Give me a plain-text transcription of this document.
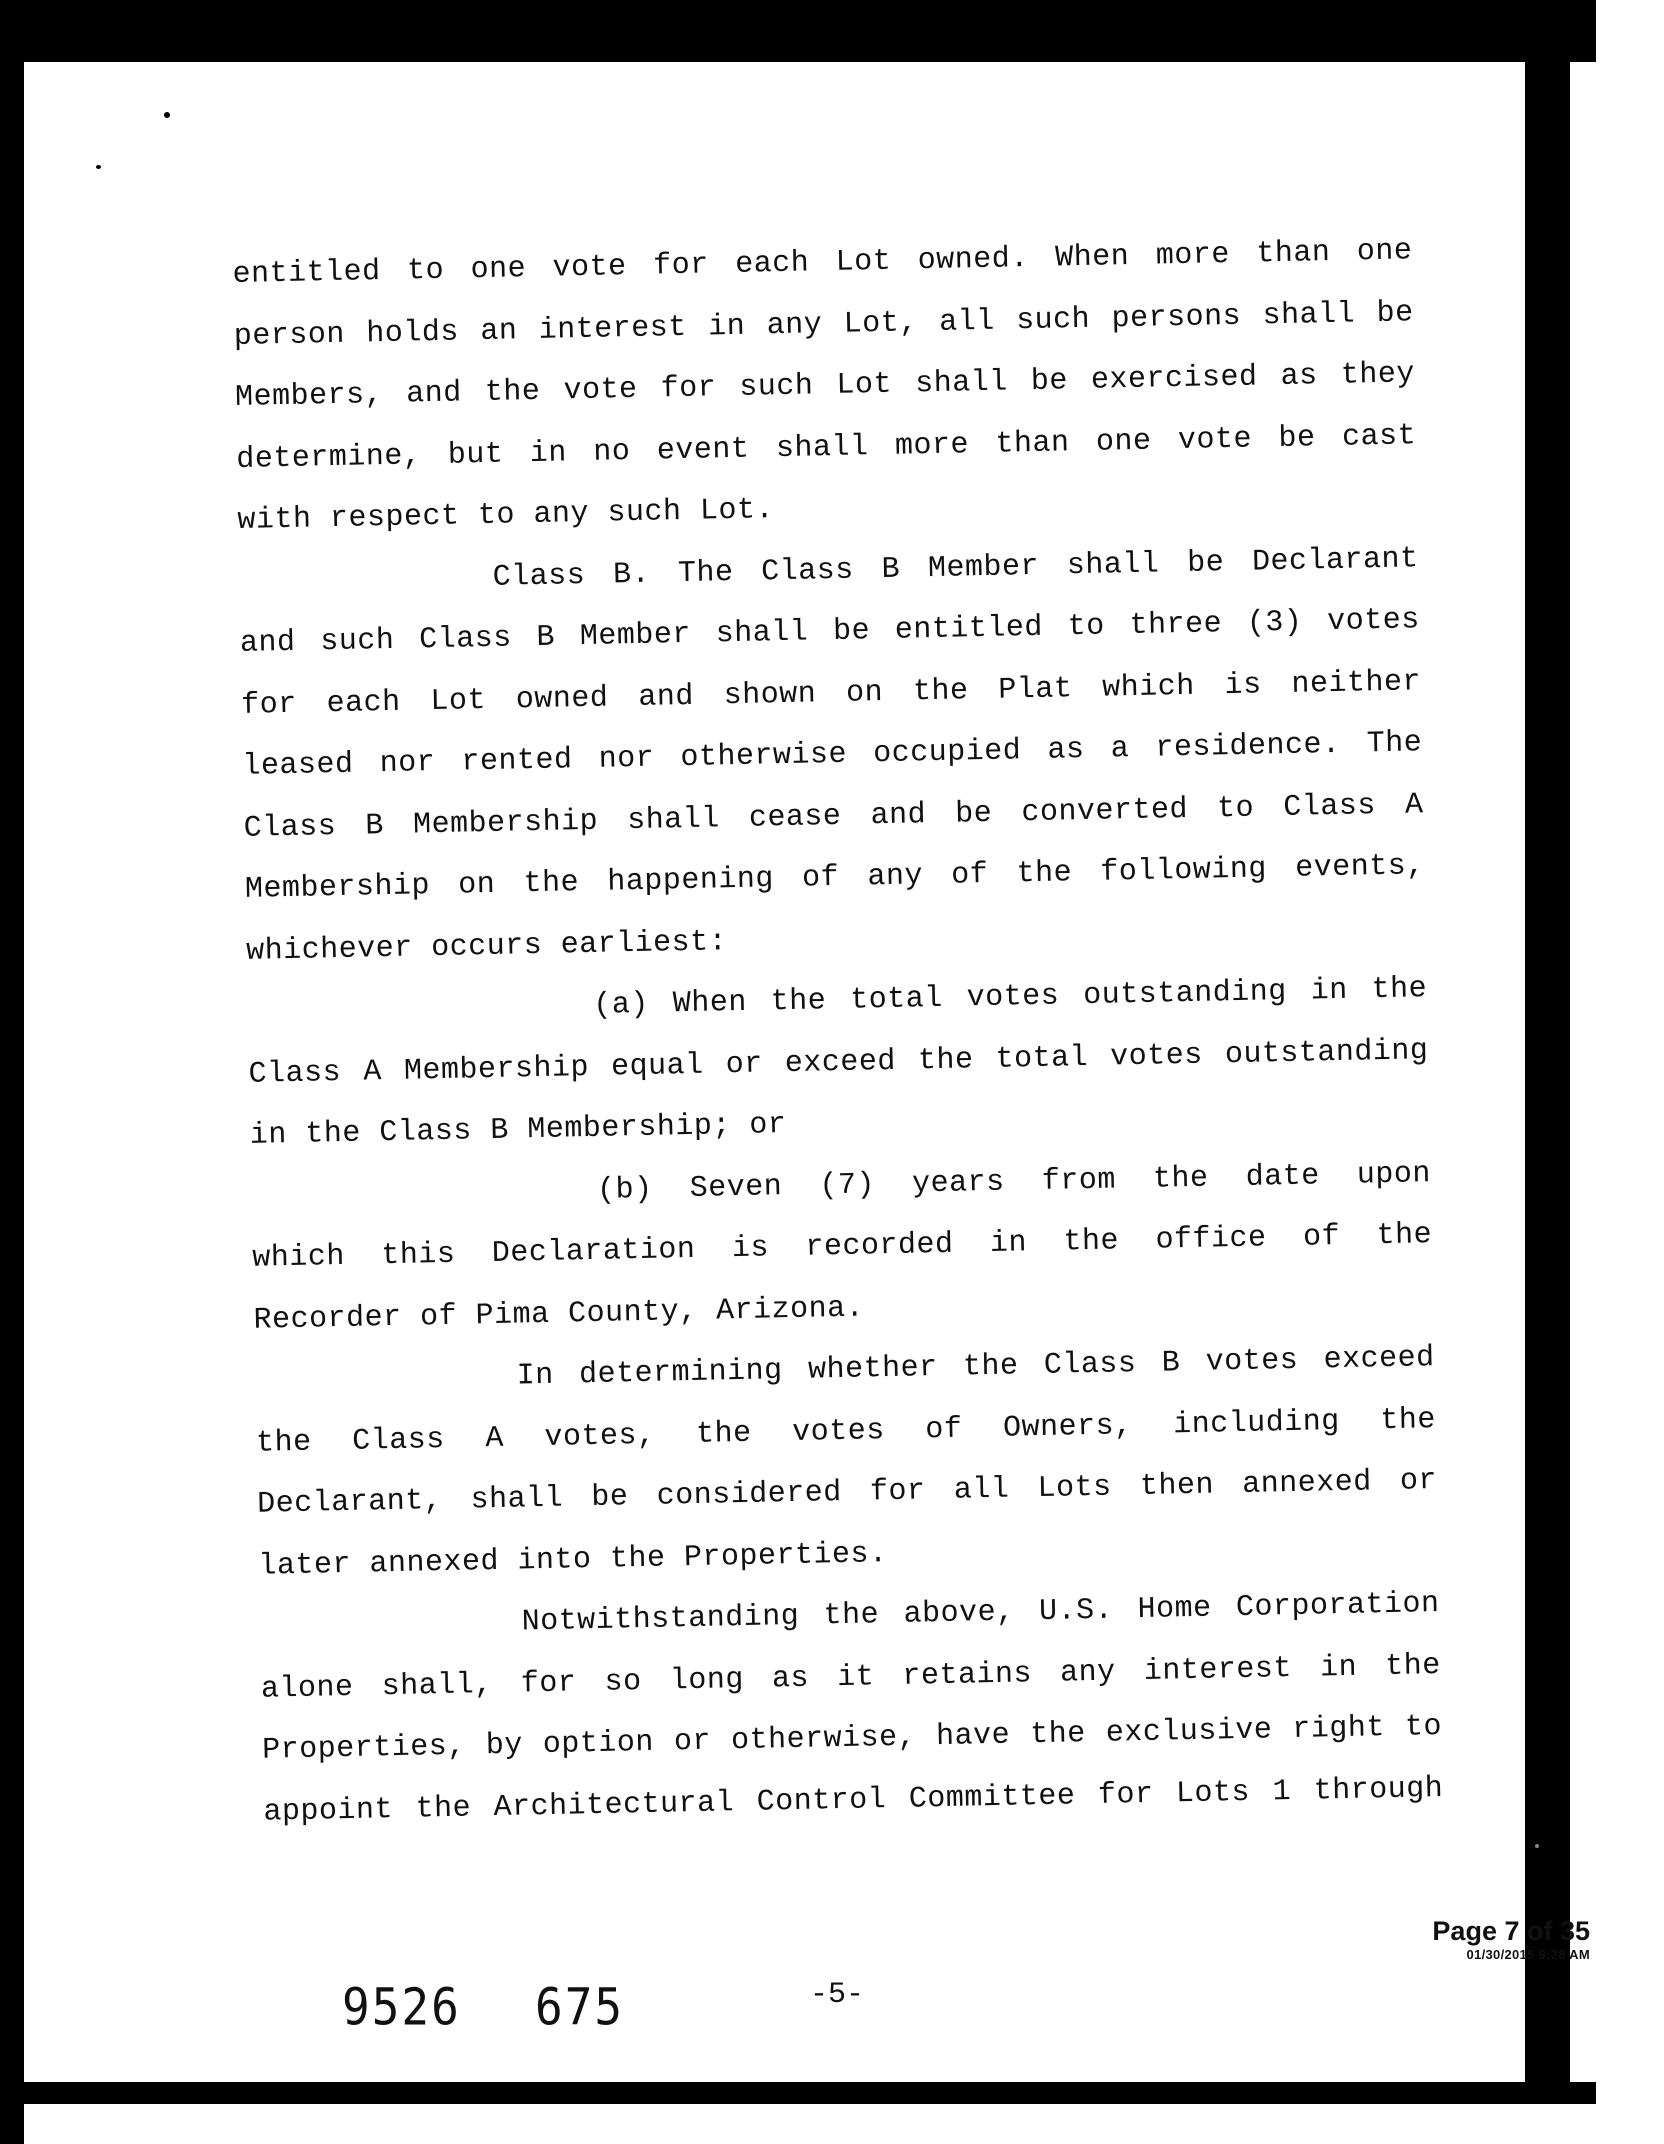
entitled to one vote for each Lot owned. When more than one
person holds an interest in any Lot, all such persons shall be
Members, and the vote for such Lot shall be exercised as they
determine, but in no event shall more than one vote be cast
with respect to any such Lot.
Class B. The Class B Member shall be Declarant
and such Class B Member shall be entitled to three (3) votes
for each Lot owned and shown on the Plat which is neither
leased nor rented nor otherwise occupied as a residence. The
Class B Membership shall cease and be converted to Class A
Membership on the happening of any of the following events,
whichever occurs earliest:
(a) When the total votes outstanding in the
Class A Membership equal or exceed the total votes outstanding
in the Class B Membership; or
(b) Seven (7) years from the date upon
which this Declaration is recorded in the office of the
Recorder of Pima County, Arizona.
In determining whether the Class B votes exceed
the Class A votes, the votes of Owners, including the
Declarant, shall be considered for all Lots then annexed or
later annexed into the Properties.
Notwithstanding the above, U.S. Home Corporation
alone shall, for so long as it retains any interest in the
Properties, by option or otherwise, have the exclusive right to
appoint the Architectural Control Committee for Lots 1 through
Page 7 of 35
01/30/2015 9:28 AM
9526 675	-5-
